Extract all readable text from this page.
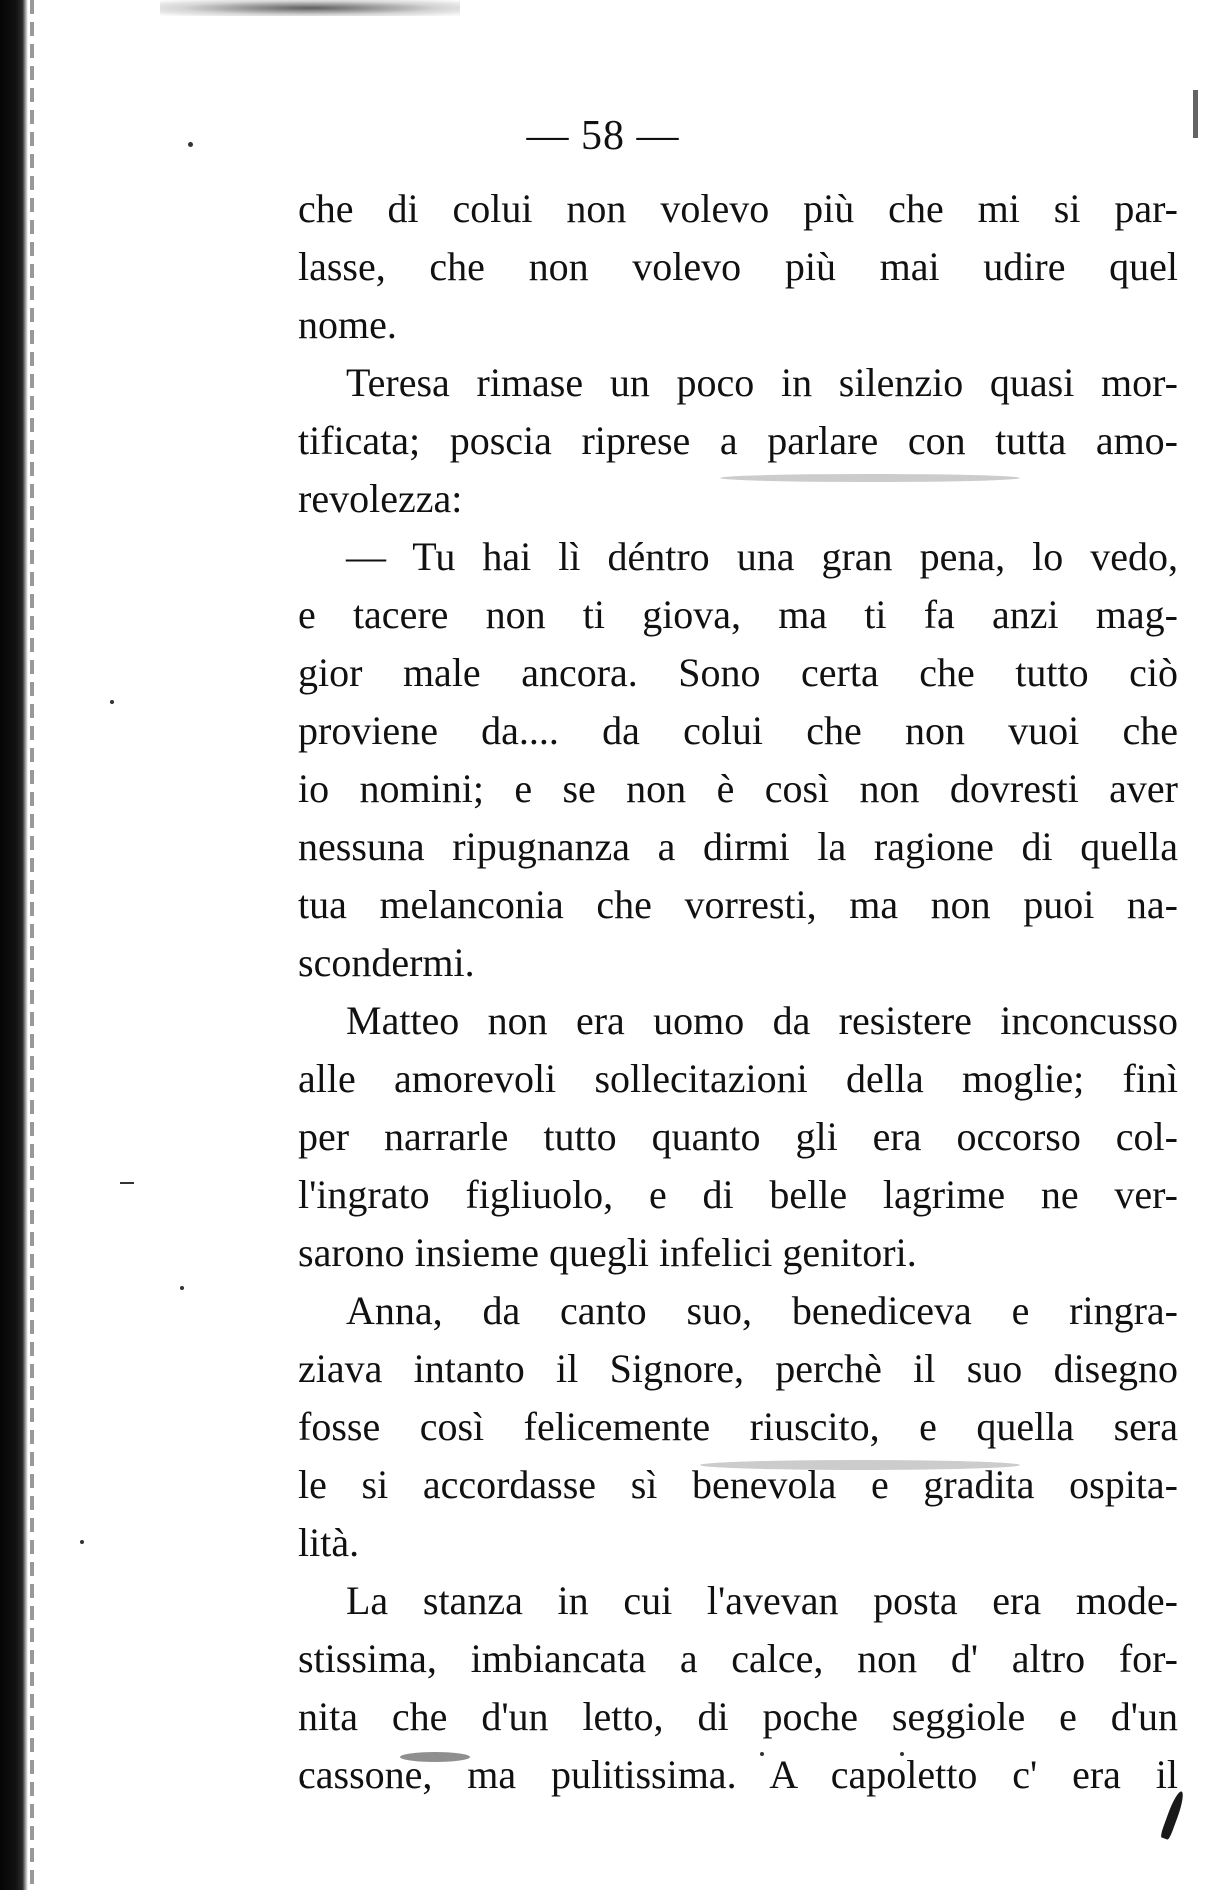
— 58 —
che di colui non volevo più che mi si par-
lasse, che non volevo più mai udire quel
nome.
Teresa rimase un poco in silenzio quasi mor-
tificata; poscia riprese a parlare con tutta amo-
revolezza:
— Tu hai lì déntro una gran pena, lo vedo,
e tacere non ti giova, ma ti fa anzi mag-
gior male ancora. Sono certa che tutto ciò
proviene da.... da colui che non vuoi che
io nomini; e se non è così non dovresti aver
nessuna ripugnanza a dirmi la ragione di quella
tua melanconia che vorresti, ma non puoi na-
scondermi.
Matteo non era uomo da resistere inconcusso
alle amorevoli sollecitazioni della moglie; finì
per narrarle tutto quanto gli era occorso col-
l'ingrato figliuolo, e di belle lagrime ne ver-
sarono insieme quegli infelici genitori.
Anna, da canto suo, benediceva e ringra-
ziava intanto il Signore, perchè il suo disegno
fosse così felicemente riuscito, e quella sera
le si accordasse sì benevola e gradita ospita-
lità.
La stanza in cui l'avevan posta era mode-
stissima, imbiancata a calce, non d' altro for-
nita che d'un letto, di poche seggiole e d'un
cassone, ma pulitissima. A capoletto c' era il
